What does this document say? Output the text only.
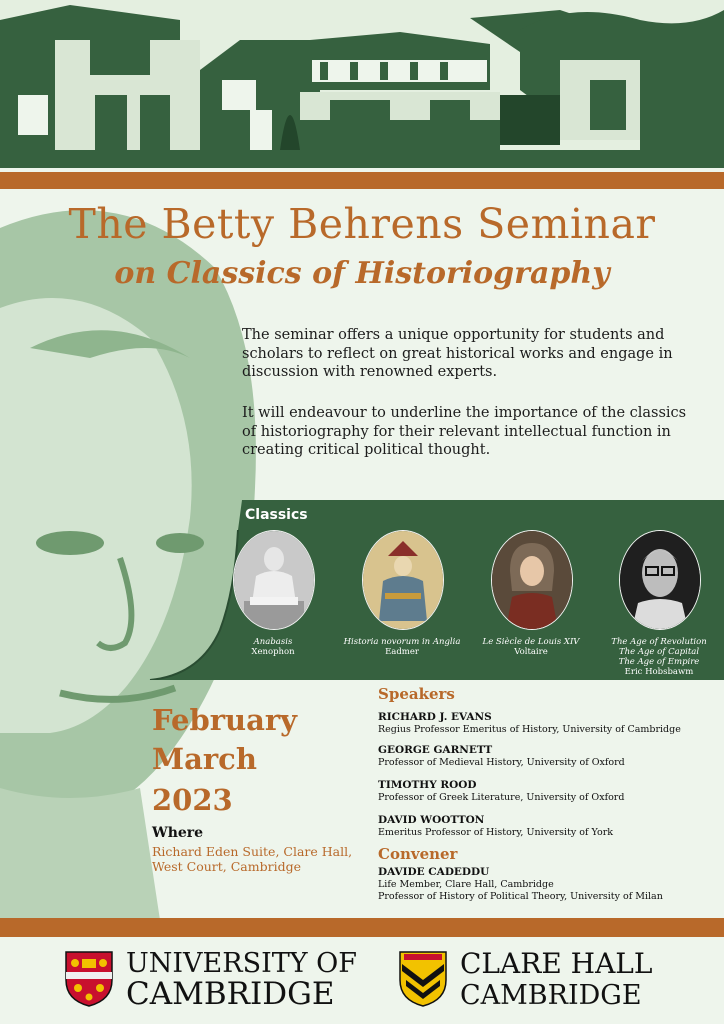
The Betty Behrens Seminar
on Classics of Historiography
The seminar offers a unique opportunity for students and
scholars to reflect on great historical works and engage in
discussion with renowned experts.
It will endeavour to underline the importance of the classics
of historiography for their relevant intellectual function in
creating critical political thought.
Classics
Anabasis
Xenophon
Historia novorum in Anglia
Eadmer
Le Siècle de Louis XIV
Voltaire
The Age of Revolution
The Age of Capital
The Age of Empire
Eric Hobsbawm
February
March
2023
Where
Richard Eden Suite, Clare Hall,
West Court, Cambridge
Speakers
RICHARD J. EVANS
Regius Professor Emeritus of History, University of Cambridge
GEORGE GARNETT
Professor of Medieval History, University of Oxford
TIMOTHY ROOD
Professor of Greek Literature, University of Oxford
DAVID WOOTTON
Emeritus Professor of History, University of York
Convener
DAVIDE CADEDDU
Life Member, Clare Hall, Cambridge
Professor of History of Political Theory, University of Milan
UNIVERSITY OF
CAMBRIDGE
CLARE HALL
CAMBRIDGE
